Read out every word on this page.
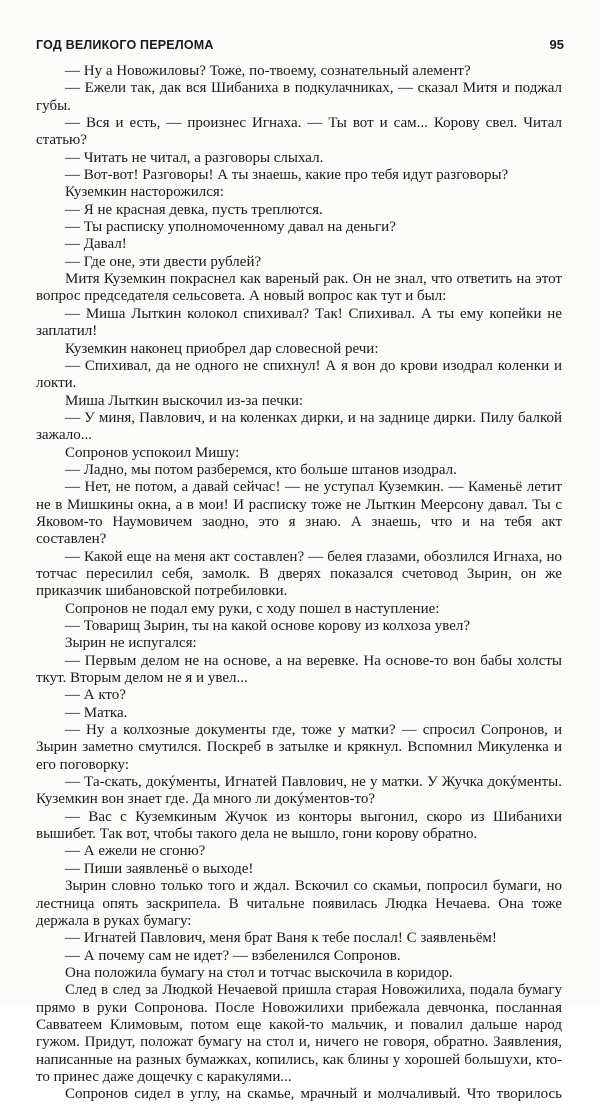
ГОД ВЕЛИКОГО ПЕРЕЛОМА	95

— Ну а Новожиловы? Тоже, по-твоему, сознательный алемент?

— Ежели так, дак вся Шибаниха в подкулачниках, — сказал Митя и поджал губы.

— Вся и есть, — произнес Игнаха. — Ты вот и сам... Корову свел. Читал статью?

— Читать не читал, а разговоры слыхал.

— Вот-вот! Разговоры! А ты знаешь, какие про тебя идут разговоры?

Куземкин насторожился:

— Я не красная девка, пусть треплются.

— Ты расписку уполномоченному давал на деньги?

— Давал!

— Где оне, эти двести рублей?

Митя Куземкин покраснел как вареный рак. Он не знал, что ответить на этот вопрос председателя сельсовета. А новый вопрос как тут и был:

— Миша Лыткин колокол спихивал? Так! Спихивал. А ты ему копейки не заплатил!

Куземкин наконец приобрел дар словесной речи:

— Спихивал, да не одного не спихнул! А я вон до крови изодрал коленки и локти.

Миша Лыткин выскочил из-за печки:

— У миня, Павлович, и на коленках дирки, и на заднице дирки. Пилу балкой зажало...

Сопронов успокоил Мишу:

— Ладно, мы потом разберемся, кто больше штанов изодрал.

— Нет, не потом, а давай сейчас! — не уступал Куземкин. — Каменьё летит не в Мишкины окна, а в мои! И расписку тоже не Лыткин Меерсону давал. Ты с Яковом-то Наумовичем заодно, это я знаю. А знаешь, что и на тебя акт составлен?

— Какой еще на меня акт составлен? — белея глазами, обозлился Игнаха, но тотчас пересилил себя, замолк. В дверях показался счетовод Зырин, он же приказчик шибановской потребиловки.

Сопронов не подал ему руки, с ходу пошел в наступление:

— Товарищ Зырин, ты на какой основе корову из колхоза увел?

Зырин не испугался:

— Первым делом не на основе, а на веревке. На основе-то вон бабы холсты ткут. Вторым делом не я и увел...

— А кто?

— Матка.

— Ну а колхозные документы где, тоже у матки? — спросил Сопронов, и Зырин заметно смутился. Поскреб в затылке и крякнул. Вспомнил Микуленка и его поговорку:

— Та-скать, докýменты, Игнатей Павлович, не у матки. У Жучка докýменты. Куземкин вон знает где. Да много ли докýментов-то?

— Вас с Куземкиным Жучок из конторы выгонил, скоро из Шибанихи вышибет. Так вот, чтобы такого дела не вышло, гони корову обратно.

— А ежели не сгоню?

— Пиши заявленьё о выходе!

Зырин словно только того и ждал. Вскочил со скамьи, попросил бумаги, но лестница опять заскрипела. В читальне появилась Людка Нечаева. Она тоже держала в руках бумагу:

— Игнатей Павлович, меня брат Ваня к тебе послал! С заявленьём!

— А почему сам не идет? — взбеленился Сопронов.

Она положила бумагу на стол и тотчас выскочила в коридор.

След в след за Людкой Нечаевой пришла старая Новожилиха, подала бумагу прямо в руки Сопронова. После Новожилихи прибежала девчонка, посланная Савватеем Климовым, потом еще какой-то мальчик, и повалил дальше народ гужом. Придут, положат бумагу на стол и, ничего не говоря, обратно. Заявления, написанные на разных бумажках, копились, как блины у хорошей большухи, кто-то принес даже дощечку с каракулями...

Сопронов сидел в углу, на скамье, мрачный и молчаливый. Что творилось
